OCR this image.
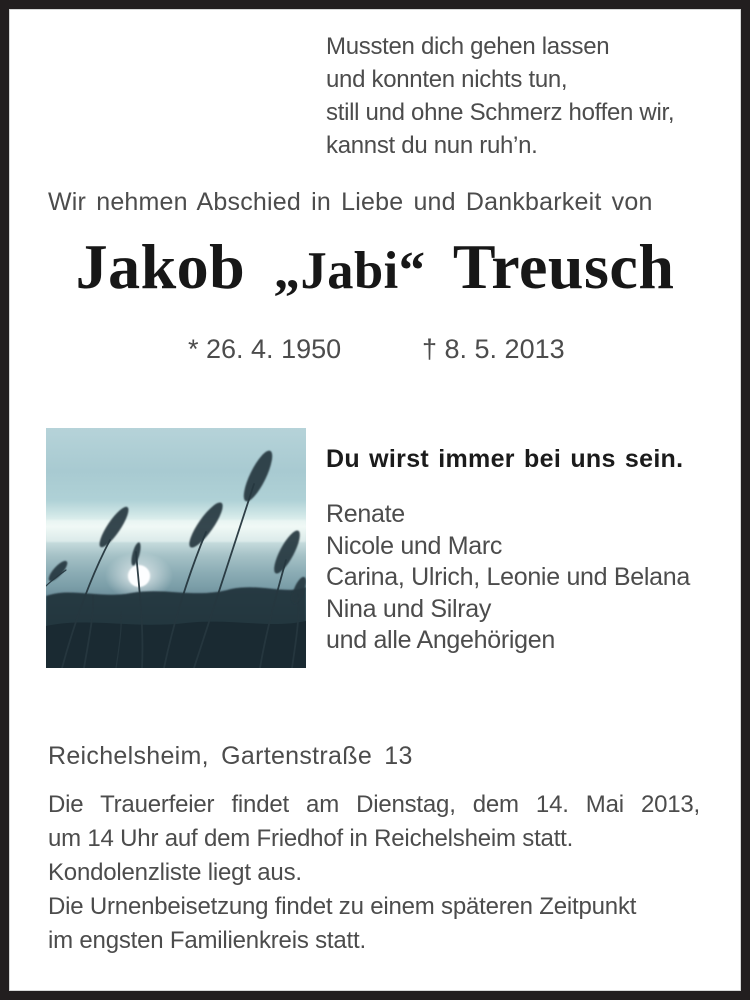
Mussten dich gehen lassen
und konnten nichts tun,
still und ohne Schmerz hoffen wir,
kannst du nun ruh’n.
Wir nehmen Abschied in Liebe und Dankbarkeit von
Jakob „Jabi“ Treusch
* 26. 4. 1950	† 8. 5. 2013
Du wirst immer bei uns sein.
Renate
Nicole und Marc
Carina, Ulrich, Leonie und Belana
Nina und Silray
und alle Angehörigen
Reichelsheim, Gartenstraße 13
Die Trauerfeier findet am Dienstag, dem 14. Mai 2013,
um 14 Uhr auf dem Friedhof in Reichelsheim statt.
Kondolenzliste liegt aus.
Die Urnenbeisetzung findet zu einem späteren Zeitpunkt
im engsten Familienkreis statt.
